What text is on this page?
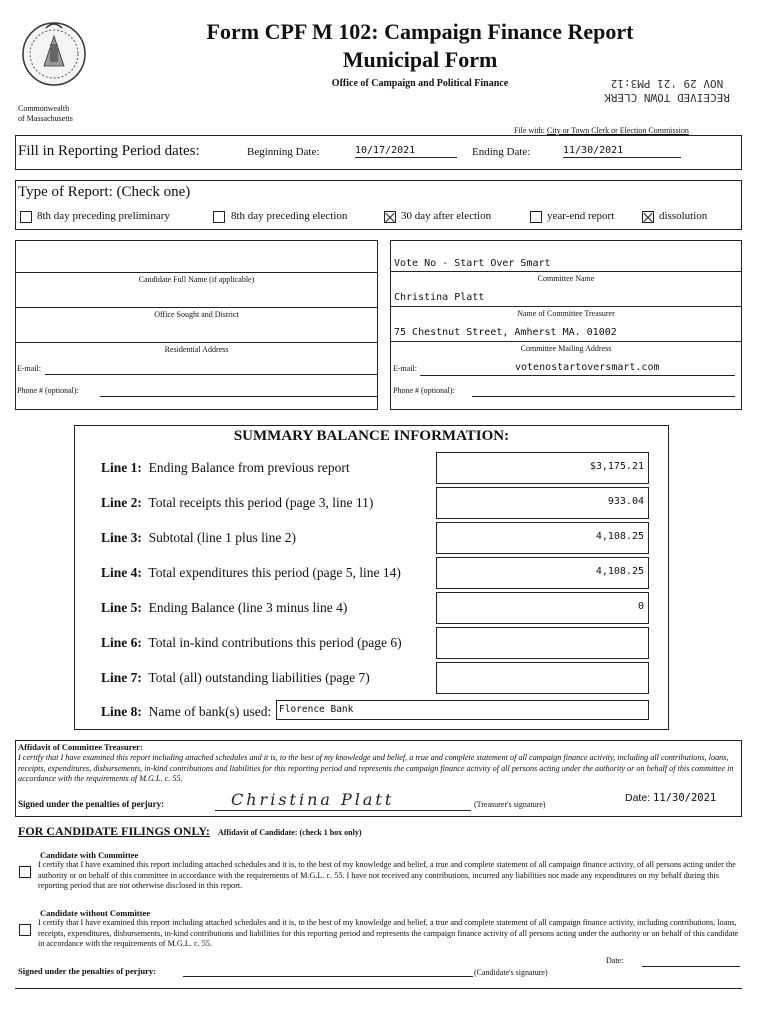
Commonwealth
of Massachusetts
Form CPF M 102: Campaign Finance Report
Municipal Form
Office of Campaign and Political Finance
RECEIVED TOWN CLERK
NOV 29 '21 PM3:12
File with: City or Town Clerk or Election Commission
Fill in Reporting Period dates:	Beginning Date:	10/17/2021	Ending Date:	11/30/2021
Type of Report: (Check one)
8th day preceding preliminary	8th day preceding election	30 day after election	year-end report	dissolution
Candidate Full Name (if applicable)
Office Sought and District
Residential Address
E-mail:
Phone # (optional):
Vote No - Start Over Smart
Committee Name
Christina Platt
Name of Committee Treasurer
75 Chestnut Street, Amherst MA. 01002
Committee Mailing Address
E-mail:	votenostartoversmart.com
Phone # (optional):
SUMMARY BALANCE INFORMATION:
Line 1: Ending Balance from previous report	$3,175.21
Line 2: Total receipts this period (page 3, line 11)	933.04
Line 3: Subtotal (line 1 plus line 2)	4,108.25
Line 4: Total expenditures this period (page 5, line 14)	4,108.25
Line 5: Ending Balance (line 3 minus line 4)	0
Line 6: Total in-kind contributions this period (page 6)
Line 7: Total (all) outstanding liabilities (page 7)
Line 8: Name of bank(s) used: Florence Bank
Affidavit of Committee Treasurer:
I certify that I have examined this report including attached schedules and it is, to the best of my knowledge and belief, a true and complete statement of all campaign finance activity, including all contributions, loans, receipts, expenditures, disbursements, in-kind contributions and liabilities for this reporting period and represents the campaign finance activity of all persons acting under the authority or on behalf of this committee in accordance with the requirements of M.G.L. c. 55.
Signed under the penalties of perjury:	Christina Platt	(Treasurer's signature)
Date: 11/30/2021
FOR CANDIDATE FILINGS ONLY: Affidavit of Candidate: (check 1 box only)
Candidate with Committee
I certify that I have examined this report including attached schedules and it is, to the best of my knowledge and belief, a true and complete statement of all campaign finance activity, of all persons acting under the authority or on behalf of this committee in accordance with the requirements of M.G.L. c. 55. I have not received any contributions, incurred any liabilities nor made any expenditures on my behalf during this reporting period that are not otherwise disclosed in this report.
Candidate without Committee
I certify that I have examined this report including attached schedules and it is, to the best of my knowledge and belief, a true and complete statement of all campaign finance activity, including contributions, loans, receipts, expenditures, disbursements, in-kind contributions and liabilities for this reporting period and represents the campaign finance activity of all persons acting under the authority or on behalf of this candidate in accordance with the requirements of M.G.L. c. 55.
Signed under the penalties of perjury:	(Candidate's signature)
Date:
